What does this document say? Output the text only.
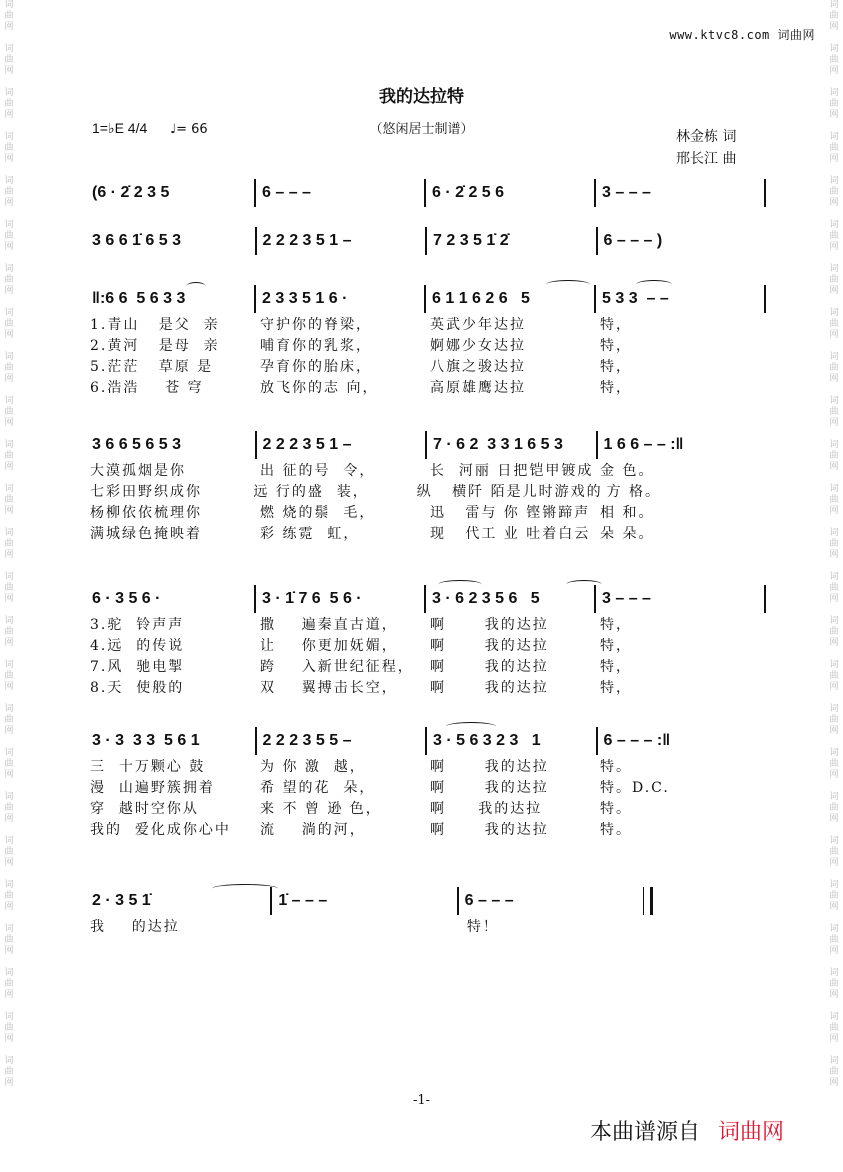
词
曲
网

词
曲
网

词
曲
网

词
曲
网

词
曲
网

词
曲
网

词
曲
网

词
曲
网

词
曲
网

词
曲
网

词
曲
网

词
曲
网

词
曲
网

词
曲
网

词
曲
网

词
曲
网

词
曲
网

词
曲
网

词
曲
网

词
曲
网

词
曲
网

词
曲
网

词
曲
网

词
曲
网

词
曲
网
词
曲
网

词
曲
网

词
曲
网

词
曲
网

词
曲
网

词
曲
网

词
曲
网

词
曲
网

词
曲
网

词
曲
网

词
曲
网

词
曲
网

词
曲
网

词
曲
网

词
曲
网

词
曲
网

词
曲
网

词
曲
网

词
曲
网

词
曲
网

词
曲
网

词
曲
网

词
曲
网

词
曲
网

词
曲
网
www.ktvc8.com 词曲网
我的达拉特
（悠闲居士制谱）
1=♭E 4/4 ♩= 66	林金栋 词
邢长江 曲
(6 · 2̇ 2 3 5	6 – – –	6 · 2̇ 2 5 6	3 – – –
3 6 6 1̇ 6 5 3	2 2 2 3 5 1 –	7 2 3 5 1̇ 2̇	6 – – – )
‖:6 6  5 6 3 3	2 3 3 5 1 6 ·	6 1 1 6 2 6   5	5 3 3  – –
1.青山   是父  亲	守护你的脊梁，	英武少年达拉	特，
2.黄河   是母  亲	哺育你的乳浆，	婀娜少女达拉	特，
5.茫茫   草原 是	孕育你的胎床，	八旗之骏达拉	特，
6.浩浩    苍 穹	放飞你的志 向，	高原雄鹰达拉	特，
3 6 6 5 6 5 3	2 2 2 3 5 1 –	7 · 6 2  3 3 1 6 5 3	1 6 6 – – :‖
大漠孤烟是你	出 征的号  令，	长  河丽 日把铠甲镀成 金 色。
七彩田野织成你	远 行的盛  装，	纵   横阡 陌是儿时游戏的 方 格。
杨柳依依梳理你	燃 烧的鬃  毛，	迅   雷与 你 铿锵蹄声 相 和。
满城绿色掩映着	彩 练霓  虹，	现   代工 业 吐着白云 朵 朵。
6 · 3 5 6 ·	3 · 1̇ 7 6  5 6 ·	3 · 6 2 3 5 6   5	3 – – –
3.驼  铃声声	撒    遍秦直古道，	啊      我的达拉	特，
4.远  的传说	让    你更加妩媚，	啊      我的达拉	特，
7.风  驰电掣	跨    入新世纪征程，	啊      我的达拉	特，
8.天  使般的	双    翼搏击长空，	啊      我的达拉	特，
3 · 3  3 3  5 6 1	2 2 2 3 5 5 –	3 · 5 6 3 2 3   1	6 – – – :‖
三  十万颗心 鼓	为 你 激  越，	啊      我的达拉	特。
漫  山遍野簇拥着	希 望的花  朵，	啊      我的达拉	特。D.C.
穿  越时空你从	来 不 曾 逊 色，	啊     我的达拉	特。
我的  爱化成你心中	流    淌的河，	啊      我的达拉	特。
2 · 3 5 1̇	1̇ – – –	6 – – –
我    的达拉	特！
-1-
本曲谱源自 词曲网
